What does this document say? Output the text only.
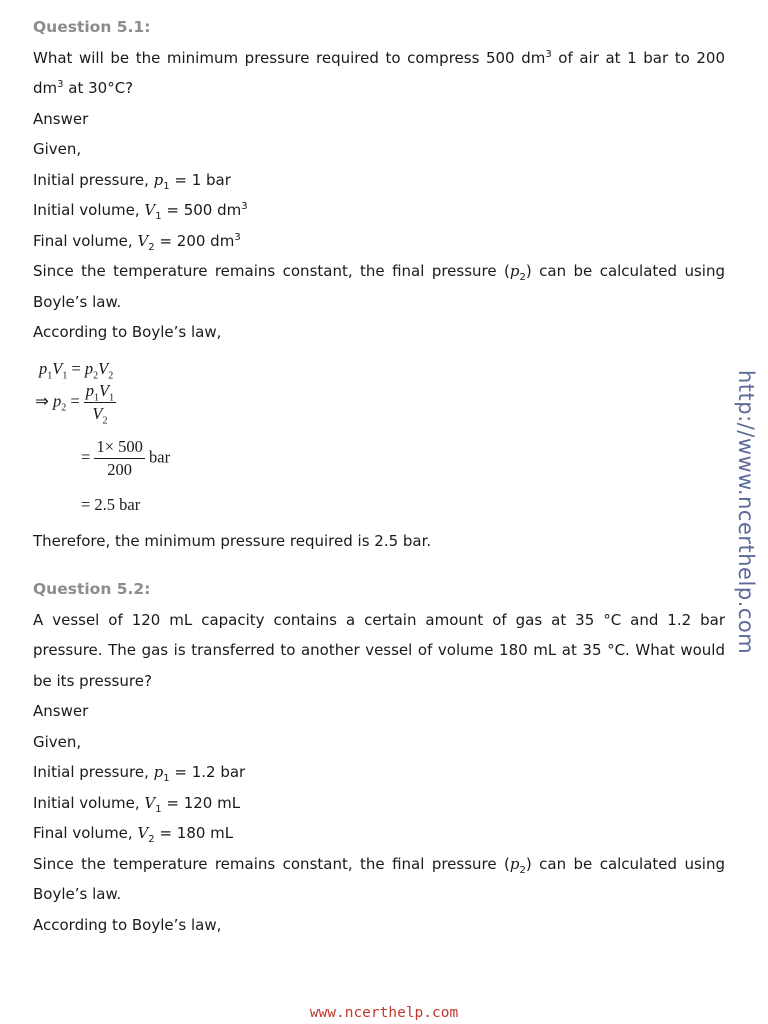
Question 5.1:
What will be the minimum pressure required to compress 500 $dm^3$ of air at 1 bar to 200 $dm^3$ at 30°C?
Answer
Given,
Initial pressure, $p_1 = 1$ bar
Initial volume, $V_1 = 500$ $dm^3$
Final volume, $V_2 = 200$ $dm^3$
Since the temperature remains constant, the final pressure $(p_2)$ can be calculated using Boyle’s law.
According to Boyle’s law,
$p_1V_1 = p_2V_2$
⇒ $p_2 = \frac{p_1V_1}{V_2}$
= $\frac{1\times 500}{200}$ bar
= 2.5 bar
Therefore, the minimum pressure required is 2.5 bar.
Question 5.2:
A vessel of 120 mL capacity contains a certain amount of gas at 35 °C and 1.2 bar pressure. The gas is transferred to another vessel of volume 180 mL at 35 °C. What would be its pressure?
Answer
Given,
Initial pressure, $p_1 = 1.2$ bar
Initial volume, $V_1 = 120$ mL
Final volume, $V_2 = 180$ mL
Since the temperature remains constant, the final pressure $(p_2)$ can be calculated using Boyle’s law.
According to Boyle’s law,
http://www.ncerthelp.com
www.ncerthelp.com
